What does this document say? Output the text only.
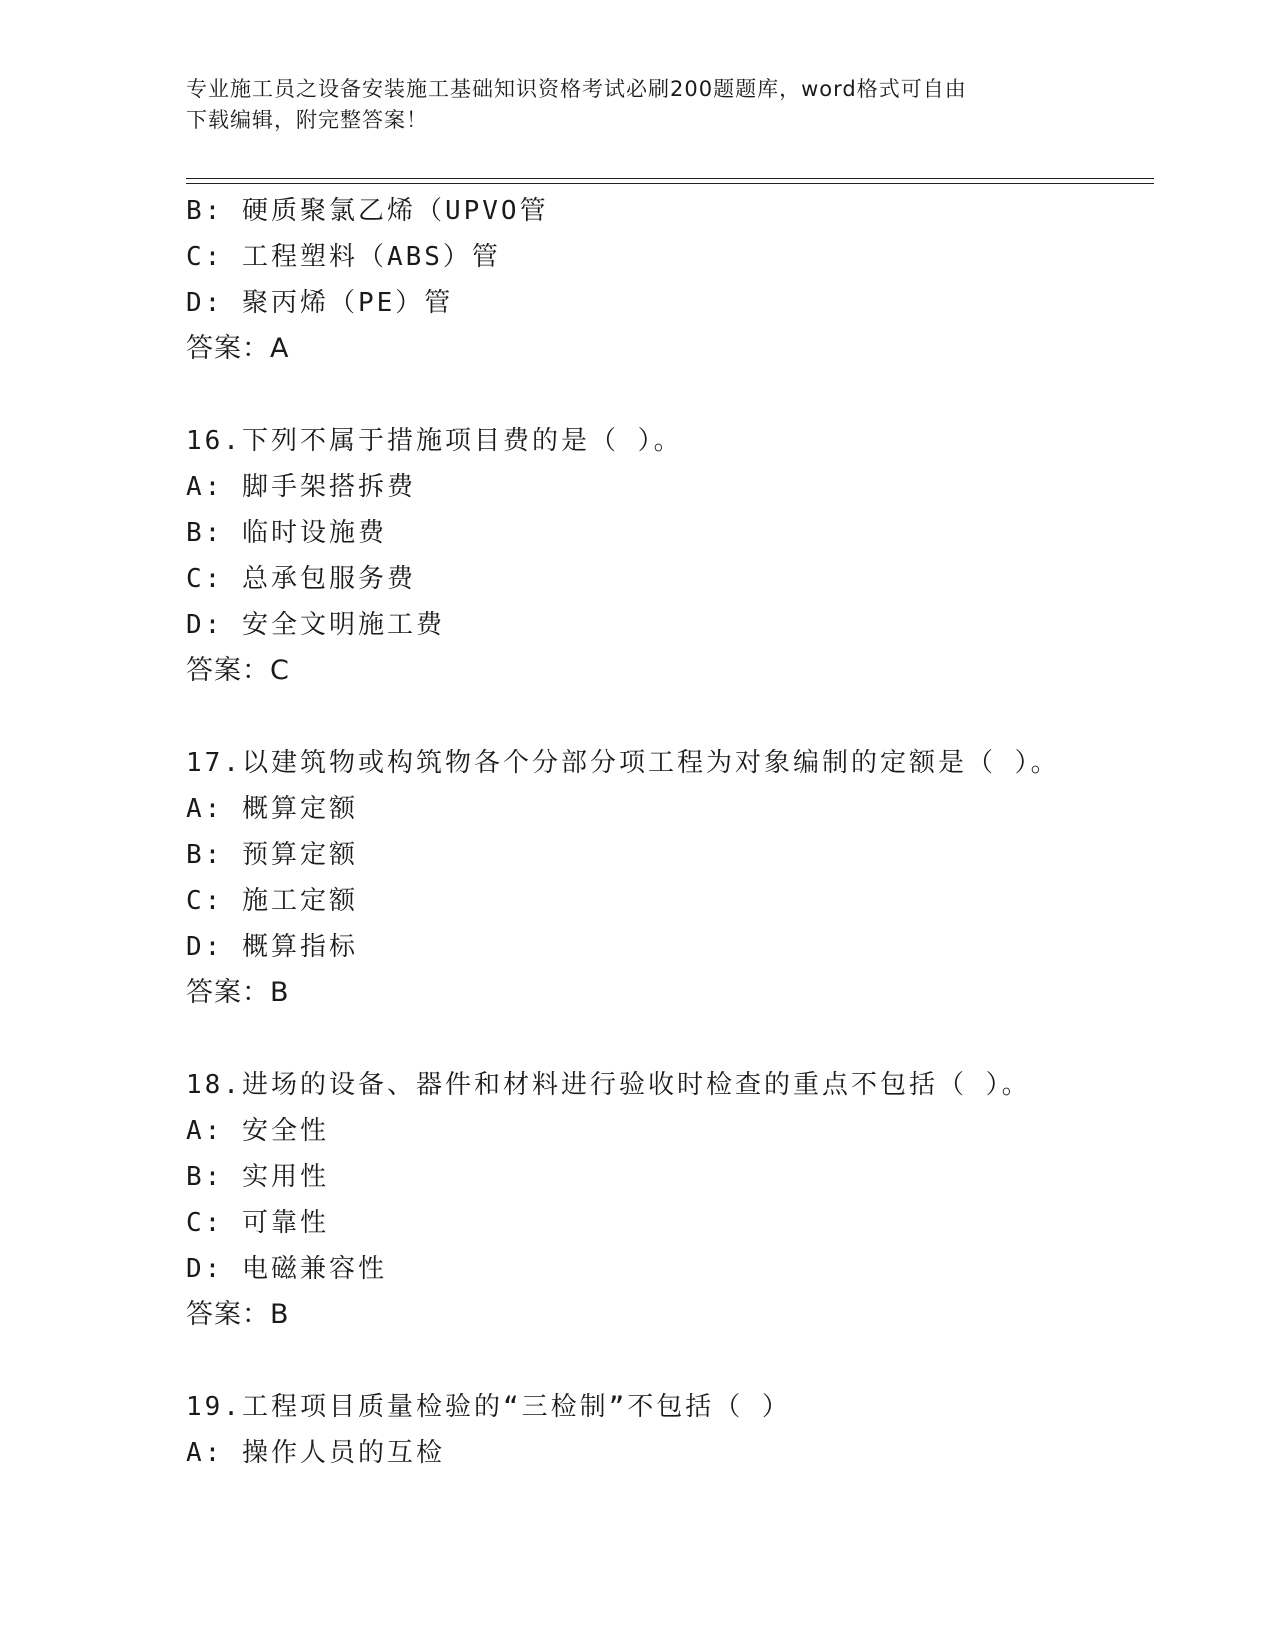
专业施工员之设备安装施工基础知识资格考试必刷200题题库，word格式可自由
下载编辑，附完整答案！
B: 硬质聚氯乙烯（UPVO管
C: 工程塑料（ABS）管
D: 聚丙烯（PE）管
答案：A
16.下列不属于措施项目费的是（ ）。
A: 脚手架搭拆费
B: 临时设施费
C: 总承包服务费
D: 安全文明施工费
答案：C
17.以建筑物或构筑物各个分部分项工程为对象编制的定额是（ ）。
A: 概算定额
B: 预算定额
C: 施工定额
D: 概算指标
答案：B
18.进场的设备、器件和材料进行验收时检查的重点不包括（ ）。
A: 安全性
B: 实用性
C: 可靠性
D: 电磁兼容性
答案：B
19.工程项目质量检验的“三检制”不包括（ ）
A: 操作人员的互检
